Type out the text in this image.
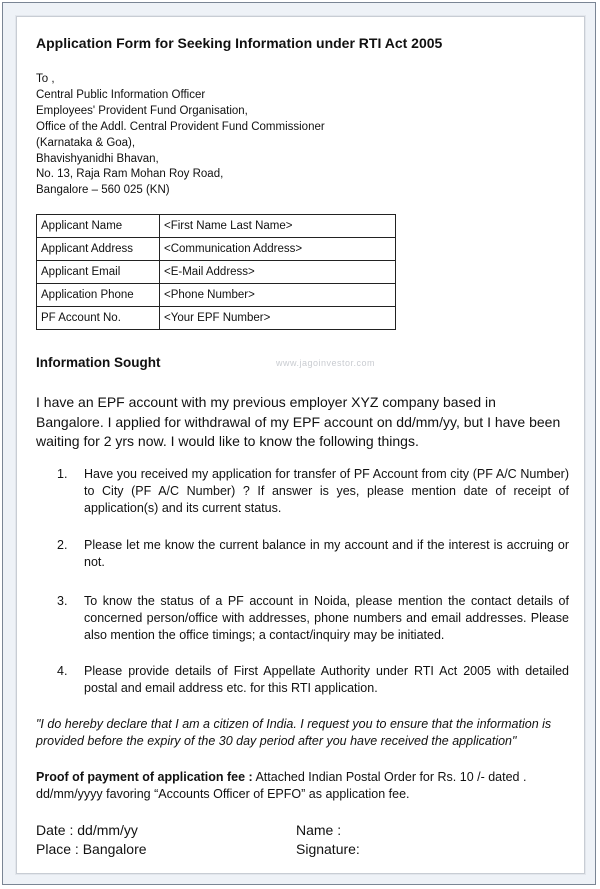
Application Form for Seeking Information under RTI Act 2005
To ,
Central Public Information Officer
Employees' Provident Fund Organisation,
Office of the Addl. Central Provident Fund Commissioner
(Karnataka & Goa),
Bhavishyanidhi Bhavan,
No. 13, Raja Ram Mohan Roy Road,
Bangalore – 560 025 (KN)
Applicant Name	<First Name Last Name>
Applicant Address	<Communication Address>
Applicant Email	<E-Mail Address>
Application Phone	<Phone Number>
PF Account No.	<Your EPF Number>
Information Sought	www.jagoinvestor.com
I have an EPF account with my previous employer XYZ company based in Bangalore. I applied for withdrawal of my EPF account on dd/mm/yy, but I have been waiting for 2 yrs now. I would like to know the following things.
1. Have you received my application for transfer of PF Account from city (PF A/C Number) to City (PF A/C Number) ? If answer is yes, please mention date of receipt of application(s) and its current status.
2. Please let me know the current balance in my account and if the interest is accruing or not.
3. To know the status of a PF account in Noida, please mention the contact details of concerned person/office with addresses, phone numbers and email addresses. Please also mention the office timings; a contact/inquiry may be initiated.
4. Please provide details of First Appellate Authority under RTI Act 2005 with detailed postal and email address etc. for this RTI application.
"I do hereby declare that I am a citizen of India. I request you to ensure that the information is provided before the expiry of the 30 day period after you have received the application"
Proof of payment of application fee : Attached Indian Postal Order for Rs. 10 /- dated . dd/mm/yyyy favoring “Accounts Officer of EPFO” as application fee.
Date : dd/mm/yy
Place : Bangalore
Name :
Signature:
